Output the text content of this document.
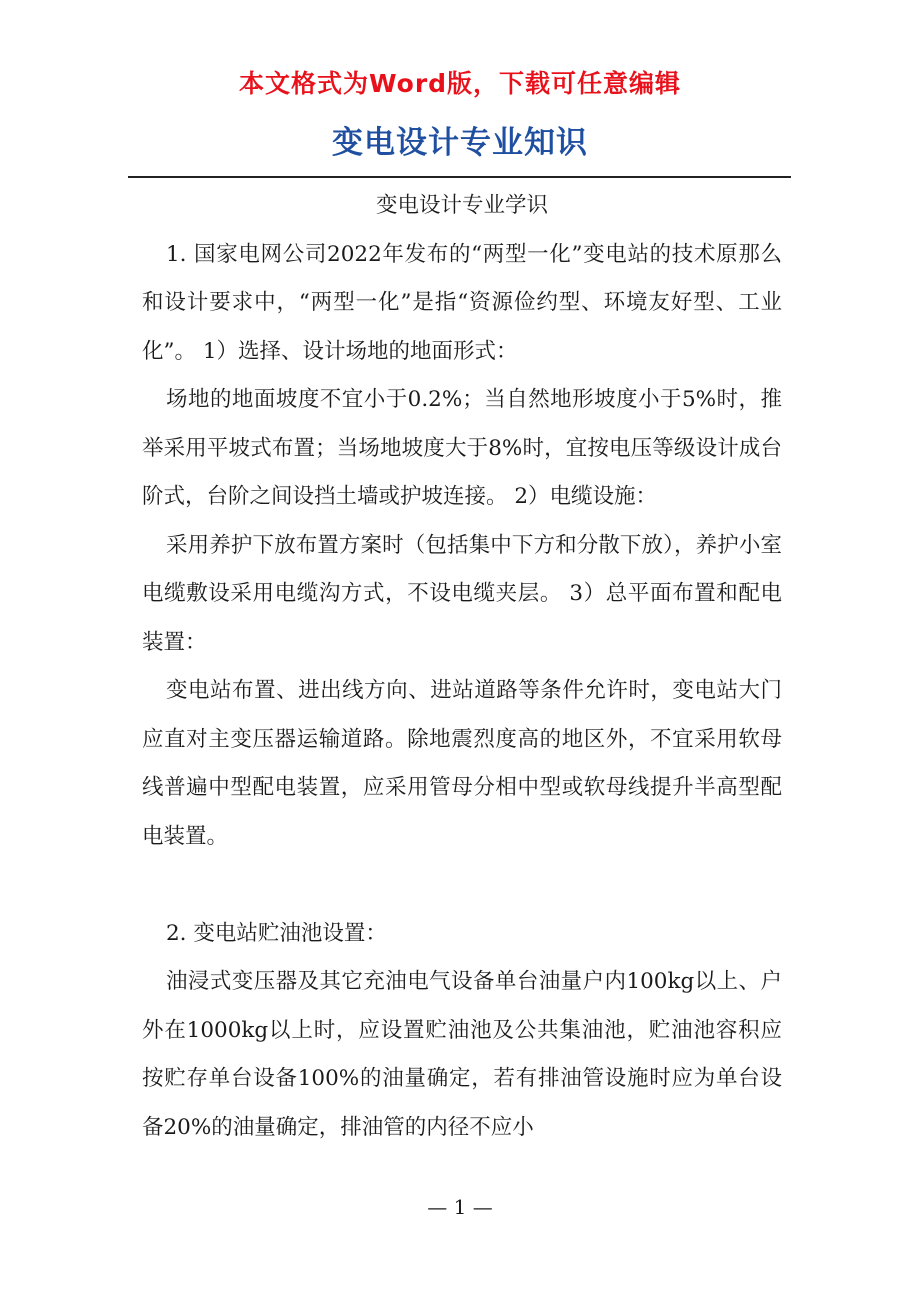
本文格式为Word版，下载可任意编辑
变电设计专业知识

变电设计专业学识

1. 国家电网公司2022年发布的“两型一化”变电站的技术原那么和设计要求中，“两型一化”是指“资源俭约型、环境友好型、工业化”。 1）选择、设计场地的地面形式：

场地的地面坡度不宜小于0.2%；当自然地形坡度小于5%时，推举采用平坡式布置；当场地坡度大于8%时，宜按电压等级设计成台阶式，台阶之间设挡土墙或护坡连接。 2）电缆设施：

采用养护下放布置方案时（包括集中下方和分散下放），养护小室电缆敷设采用电缆沟方式，不设电缆夹层。 3）总平面布置和配电装置：

变电站布置、进出线方向、进站道路等条件允许时，变电站大门应直对主变压器运输道路。除地震烈度高的地区外，不宜采用软母线普遍中型配电装置，应采用管母分相中型或软母线提升半高型配电装置。

2. 变电站贮油池设置：

油浸式变压器及其它充油电气设备单台油量户内100kg以上、户外在1000kg以上时，应设置贮油池及公共集油池，贮油池容积应按贮存单台设备100%的油量确定，若有排油管设施时应为单台设备20%的油量确定，排油管的内径不应小

— 1 —
